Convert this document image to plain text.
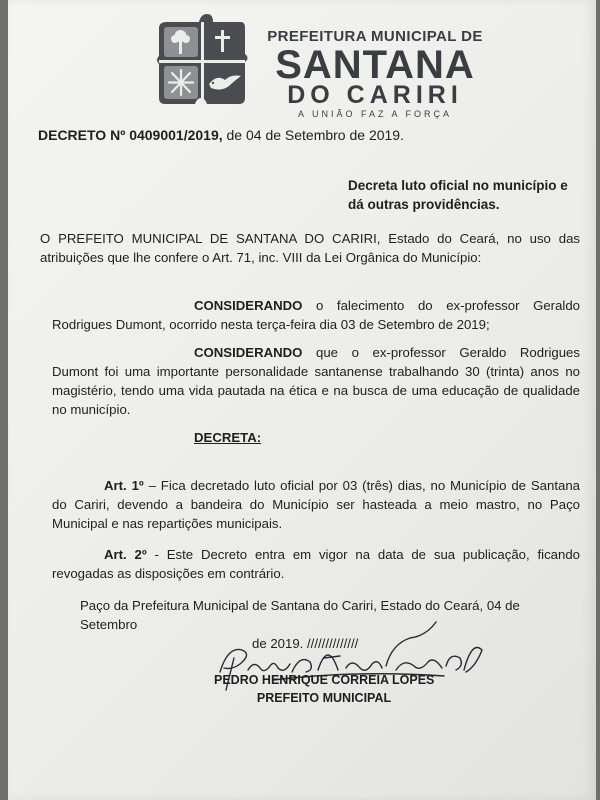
PREFEITURA MUNICIPAL DE
SANTANA
DO CARIRI
A UNIÃO FAZ A FORÇA
DECRETO Nº 0409001/2019, de 04 de Setembro de 2019.
Decreta luto oficial no município e
dá outras providências.
O PREFEITO MUNICIPAL DE SANTANA DO CARIRI, Estado do Ceará, no uso das atribuições que lhe confere o Art. 71, inc. VIII da Lei Orgânica do Município:
CONSIDERANDO o falecimento do ex-professor Geraldo Rodrigues Dumont, ocorrido nesta terça-feira dia 03 de Setembro de 2019;
CONSIDERANDO que o ex-professor Geraldo Rodrigues Dumont foi uma importante personalidade santanense trabalhando 30 (trinta) anos no magistério, tendo uma vida pautada na ética e na busca de uma educação de qualidade no município.
DECRETA:
Art. 1º – Fica decretado luto oficial por 03 (três) dias, no Município de Santana do Cariri, devendo a bandeira do Município ser hasteada a meio mastro, no Paço Municipal e nas repartições municipais.
Art. 2º - Este Decreto entra em vigor na data de sua publicação, ficando revogadas as disposições em contrário.
Paço da Prefeitura Municipal de Santana do Cariri, Estado do Ceará, 04 de Setembro
de 2019. //////////////
PEDRO HENRIQUE CORREIA LOPES
PREFEITO MUNICIPAL
